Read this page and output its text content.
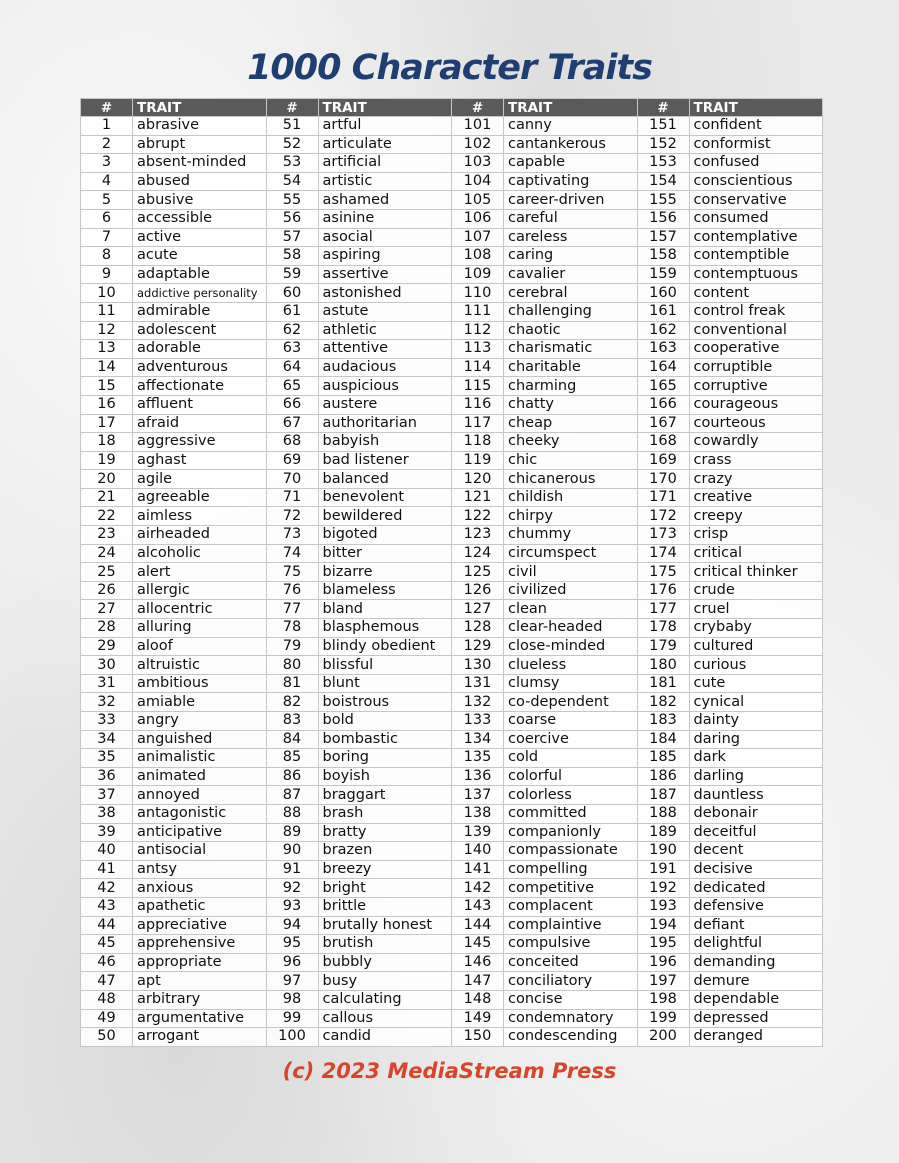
1000 Character Traits
#	TRAIT	#	TRAIT	#	TRAIT	#	TRAIT
1	abrasive	51	artful	101	canny	151	confident
2	abrupt	52	articulate	102	cantankerous	152	conformist
3	absent-minded	53	artificial	103	capable	153	confused
4	abused	54	artistic	104	captivating	154	conscientious
5	abusive	55	ashamed	105	career-driven	155	conservative
6	accessible	56	asinine	106	careful	156	consumed
7	active	57	asocial	107	careless	157	contemplative
8	acute	58	aspiring	108	caring	158	contemptible
9	adaptable	59	assertive	109	cavalier	159	contemptuous
10	addictive personality	60	astonished	110	cerebral	160	content
11	admirable	61	astute	111	challenging	161	control freak
12	adolescent	62	athletic	112	chaotic	162	conventional
13	adorable	63	attentive	113	charismatic	163	cooperative
14	adventurous	64	audacious	114	charitable	164	corruptible
15	affectionate	65	auspicious	115	charming	165	corruptive
16	affluent	66	austere	116	chatty	166	courageous
17	afraid	67	authoritarian	117	cheap	167	courteous
18	aggressive	68	babyish	118	cheeky	168	cowardly
19	aghast	69	bad listener	119	chic	169	crass
20	agile	70	balanced	120	chicanerous	170	crazy
21	agreeable	71	benevolent	121	childish	171	creative
22	aimless	72	bewildered	122	chirpy	172	creepy
23	airheaded	73	bigoted	123	chummy	173	crisp
24	alcoholic	74	bitter	124	circumspect	174	critical
25	alert	75	bizarre	125	civil	175	critical thinker
26	allergic	76	blameless	126	civilized	176	crude
27	allocentric	77	bland	127	clean	177	cruel
28	alluring	78	blasphemous	128	clear-headed	178	crybaby
29	aloof	79	blindy obedient	129	close-minded	179	cultured
30	altruistic	80	blissful	130	clueless	180	curious
31	ambitious	81	blunt	131	clumsy	181	cute
32	amiable	82	boistrous	132	co-dependent	182	cynical
33	angry	83	bold	133	coarse	183	dainty
34	anguished	84	bombastic	134	coercive	184	daring
35	animalistic	85	boring	135	cold	185	dark
36	animated	86	boyish	136	colorful	186	darling
37	annoyed	87	braggart	137	colorless	187	dauntless
38	antagonistic	88	brash	138	committed	188	debonair
39	anticipative	89	bratty	139	companionly	189	deceitful
40	antisocial	90	brazen	140	compassionate	190	decent
41	antsy	91	breezy	141	compelling	191	decisive
42	anxious	92	bright	142	competitive	192	dedicated
43	apathetic	93	brittle	143	complacent	193	defensive
44	appreciative	94	brutally honest	144	complaintive	194	defiant
45	apprehensive	95	brutish	145	compulsive	195	delightful
46	appropriate	96	bubbly	146	conceited	196	demanding
47	apt	97	busy	147	conciliatory	197	demure
48	arbitrary	98	calculating	148	concise	198	dependable
49	argumentative	99	callous	149	condemnatory	199	depressed
50	arrogant	100	candid	150	condescending	200	deranged

(c) 2023 MediaStream Press
